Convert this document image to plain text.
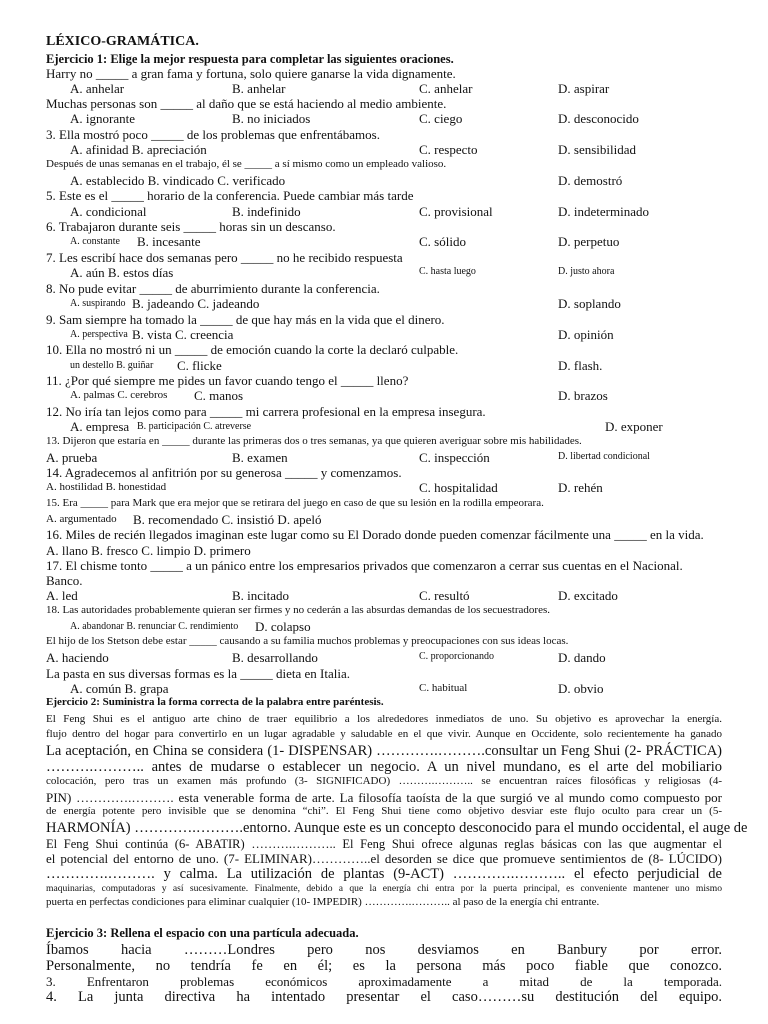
LÉXICO-GRAMÁTICA.
Ejercicio 1: Elige la mejor respuesta para completar las siguientes oraciones.
Harry no _____ a gran fama y fortuna, solo quiere ganarse la vida dignamente.
A. anhelar	B. anhelar	C. anhelar	D. aspirar
Muchas personas son _____ al daño que se está haciendo al medio ambiente.
A. ignorante	B. no iniciados	C. ciego	D. desconocido
3. Ella mostró poco _____ de los problemas que enfrentábamos.
A. afinidad B. apreciación	C. respecto	D. sensibilidad
Después de unas semanas en el trabajo, él se _____ a sí mismo como un empleado valioso.
A. establecido B. vindicado C. verificado	D. demostró
5. Este es el _____ horario de la conferencia. Puede cambiar más tarde
A. condicional	B. indefinido	C. provisional	D. indeterminado
6. Trabajaron durante seis _____ horas sin un descanso.
A. constante B. incesante	C. sólido	D. perpetuo
7. Les escribí hace dos semanas pero _____ no he recibido respuesta
A. aún B. estos días	C. hasta luego	D. justo ahora
8. No pude evitar _____ de aburrimiento durante la conferencia.
A. suspirando B. jadeando C. jadeando	D. soplando
9. Sam siempre ha tomado la _____ de que hay más en la vida que el dinero.
A. perspectiva B. vista C. creencia	D. opinión
10. Ella no mostró ni un _____ de emoción cuando la corte la declaró culpable.
un destello B. guiñar C. flicke	D. flash.
11. ¿Por qué siempre me pides un favor cuando tengo el _____ lleno?
A. palmas C. cerebros C. manos	D. brazos
12. No iría tan lejos como para _____ mi carrera profesional en la empresa insegura.
A. empresa B. participación C. atreverse	D. exponer
13. Dijeron que estaría en _____ durante las primeras dos o tres semanas, ya que quieren averiguar sobre mis habilidades.
A. prueba	B. examen	C. inspección	D. libertad condicional
14. Agradecemos al anfitrión por su generosa _____ y comenzamos.
A. hostilidad B. honestidad	C. hospitalidad	D. rehén
15. Era _____ para Mark que era mejor que se retirara del juego en caso de que su lesión en la rodilla empeorara.
A. argumentado B. recomendado C. insistió D. apeló
16. Miles de recién llegados imaginan este lugar como su El Dorado donde pueden comenzar fácilmente una _____ en la vida.
A. llano B. fresco C. limpio D. primero
17. El chisme tonto _____ a un pánico entre los empresarios privados que comenzaron a cerrar sus cuentas en el Nacional.
Banco.
A. led	B. incitado	C. resultó	D. excitado
18. Las autoridades probablemente quieran ser firmes y no cederán a las absurdas demandas de los secuestradores.
A. abandonar B. renunciar C. rendimiento D. colapso
El hijo de los Stetson debe estar _____ causando a su familia muchos problemas y preocupaciones con sus ideas locas.
A. haciendo	B. desarrollando	C. proporcionando	D. dando
La pasta en sus diversas formas es la _____ dieta en Italia.
A. común B. grapa	C. habitual	D. obvio
Ejercicio 2: Suministra la forma correcta de la palabra entre paréntesis.
El Feng Shui es el antiguo arte chino de traer equilibrio a los alrededores inmediatos de uno. Su objetivo es aprovechar la energía.
flujo dentro del hogar para convertirlo en un lugar agradable y saludable en el que vivir. Aunque en Occidente, solo recientemente ha ganado
La aceptación, en China se considera (1- DISPENSAR) ………….……….consultar un Feng Shui (2- PRÁCTICA)
……….……….. antes de mudarse o establecer un negocio. A un nivel mundano, es el arte del mobiliario
colocación, pero tras un examen más profundo (3- SIGNIFICADO) ……….……….. se encuentran raíces filosóficas y religiosas (4-
PIN) ………….………. esta venerable forma de arte. La filosofía taoísta de la que surgió ve al mundo como compuesto por
de energía potente pero invisible que se denomina “chi”. El Feng Shui tiene como objetivo desviar este flujo oculto para crear un (5-
HARMONÍA) ………….……….entorno. Aunque este es un concepto desconocido para el mundo occidental, el auge de
El Feng Shui continúa (6- ABATIR) ……….……….. El Feng Shui ofrece algunas reglas básicas con las que augmentar el
el potencial del entorno de uno. (7- ELIMINAR)…………..el desorden se dice que promueve sentimientos de (8- LÚCIDO)
………….………. y calma. La utilización de plantas (9-ACT) ………….……….. el efecto perjudicial de
maquinarias, computadoras y así sucesivamente. Finalmente, debido a que la energía chi entra por la puerta principal, es conveniente mantener uno mismo
puerta en perfectas condiciones para eliminar cualquier (10- IMPEDIR) ………….……….. al paso de la energía chi entrante.
Ejercicio 3: Rellena el espacio con una partícula adecuada.
Íbamos hacia ………Londres pero nos desviamos en Banbury por error.
Personalmente, no tendría fe en él; es la persona más poco fiable que conozco.
3. Enfrentaron problemas económicos aproximadamente a mitad de la temporada.
4. La junta directiva ha intentado presentar el caso………su destitución del equipo.
